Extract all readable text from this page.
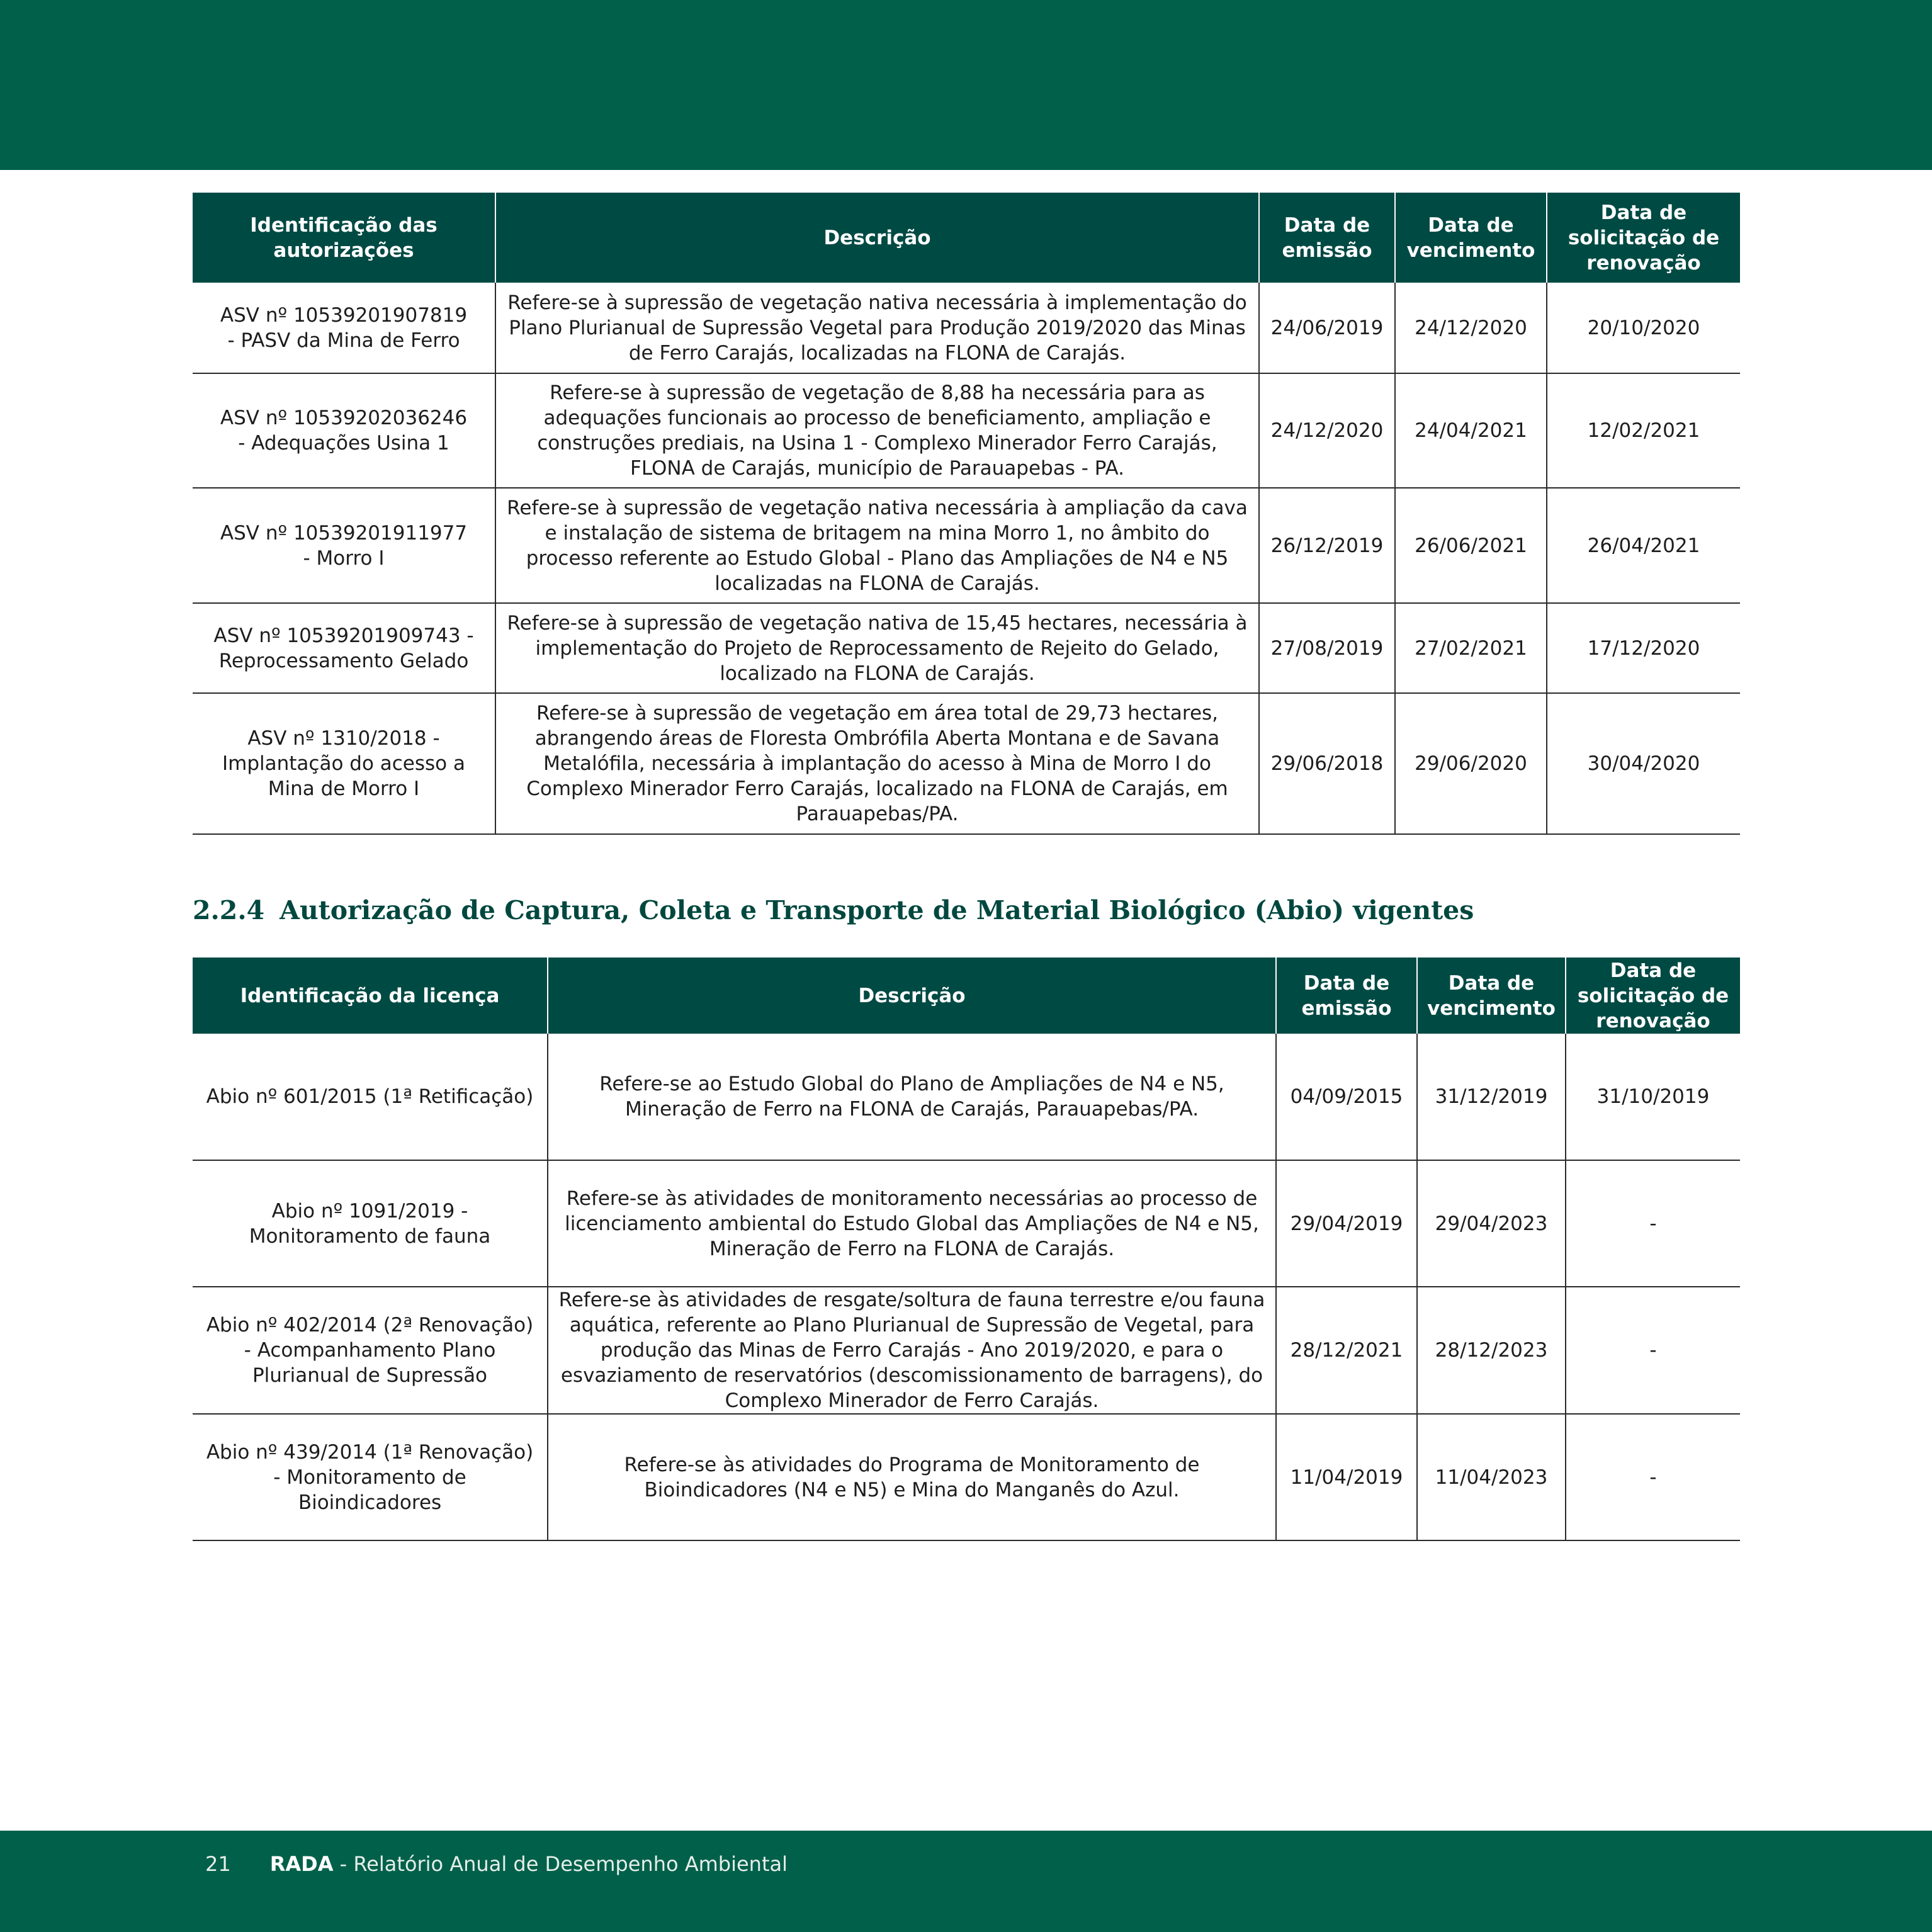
Identificação das autorizações	Descrição	Data de emissão	Data de vencimento	Data de solicitação de renovação
ASV nº 10539201907819 - PASV da Mina de Ferro	Refere-se à supressão de vegetação nativa necessária à implementação do Plano Plurianual de Supressão Vegetal para Produção 2019/2020 das Minas de Ferro Carajás, localizadas na FLONA de Carajás.	24/06/2019	24/12/2020	20/10/2020
ASV nº 10539202036246 - Adequações Usina 1	Refere-se à supressão de vegetação de 8,88 ha necessária para as adequações funcionais ao processo de beneficiamento, ampliação e construções prediais, na Usina 1 - Complexo Minerador Ferro Carajás, FLONA de Carajás, município de Parauapebas - PA.	24/12/2020	24/04/2021	12/02/2021
ASV nº 10539201911977 - Morro I	Refere-se à supressão de vegetação nativa necessária à ampliação da cava e instalação de sistema de britagem na mina Morro 1, no âmbito do processo referente ao Estudo Global - Plano das Ampliações de N4 e N5 localizadas na FLONA de Carajás.	26/12/2019	26/06/2021	26/04/2021
ASV nº 10539201909743 - Reprocessamento Gelado	Refere-se à supressão de vegetação nativa de 15,45 hectares, necessária à implementação do Projeto de Reprocessamento de Rejeito do Gelado, localizado na FLONA de Carajás.	27/08/2019	27/02/2021	17/12/2020
ASV nº 1310/2018 - Implantação do acesso a Mina de Morro I	Refere-se à supressão de vegetação em área total de 29,73 hectares, abrangendo áreas de Floresta Ombrófila Aberta Montana e de Savana Metalófila, necessária à implantação do acesso à Mina de Morro I do Complexo Minerador Ferro Carajás, localizado na FLONA de Carajás, em Parauapebas/PA.	29/06/2018	29/06/2020	30/04/2020
2.2.4 Autorização de Captura, Coleta e Transporte de Material Biológico (Abio) vigentes
Identificação da licença	Descrição	Data de emissão	Data de vencimento	Data de solicitação de renovação
Abio nº 601/2015 (1ª Retificação)	Refere-se ao Estudo Global do Plano de Ampliações de N4 e N5, Mineração de Ferro na FLONA de Carajás, Parauapebas/PA.	04/09/2015	31/12/2019	31/10/2019
Abio nº 1091/2019 - Monitoramento de fauna	Refere-se às atividades de monitoramento necessárias ao processo de licenciamento ambiental do Estudo Global das Ampliações de N4 e N5, Mineração de Ferro na FLONA de Carajás.	29/04/2019	29/04/2023	-
Abio nº 402/2014 (2ª Renovação) - Acompanhamento Plano Plurianual de Supressão	Refere-se às atividades de resgate/soltura de fauna terrestre e/ou fauna aquática, referente ao Plano Plurianual de Supressão de Vegetal, para produção das Minas de Ferro Carajás - Ano 2019/2020, e para o esvaziamento de reservatórios (descomissionamento de barragens), do Complexo Minerador de Ferro Carajás.	28/12/2021	28/12/2023	-
Abio nº 439/2014 (1ª Renovação) - Monitoramento de Bioindicadores	Refere-se às atividades do Programa de Monitoramento de Bioindicadores (N4 e N5) e Mina do Manganês do Azul.	11/04/2019	11/04/2023	-
21 RADA - Relatório Anual de Desempenho Ambiental
